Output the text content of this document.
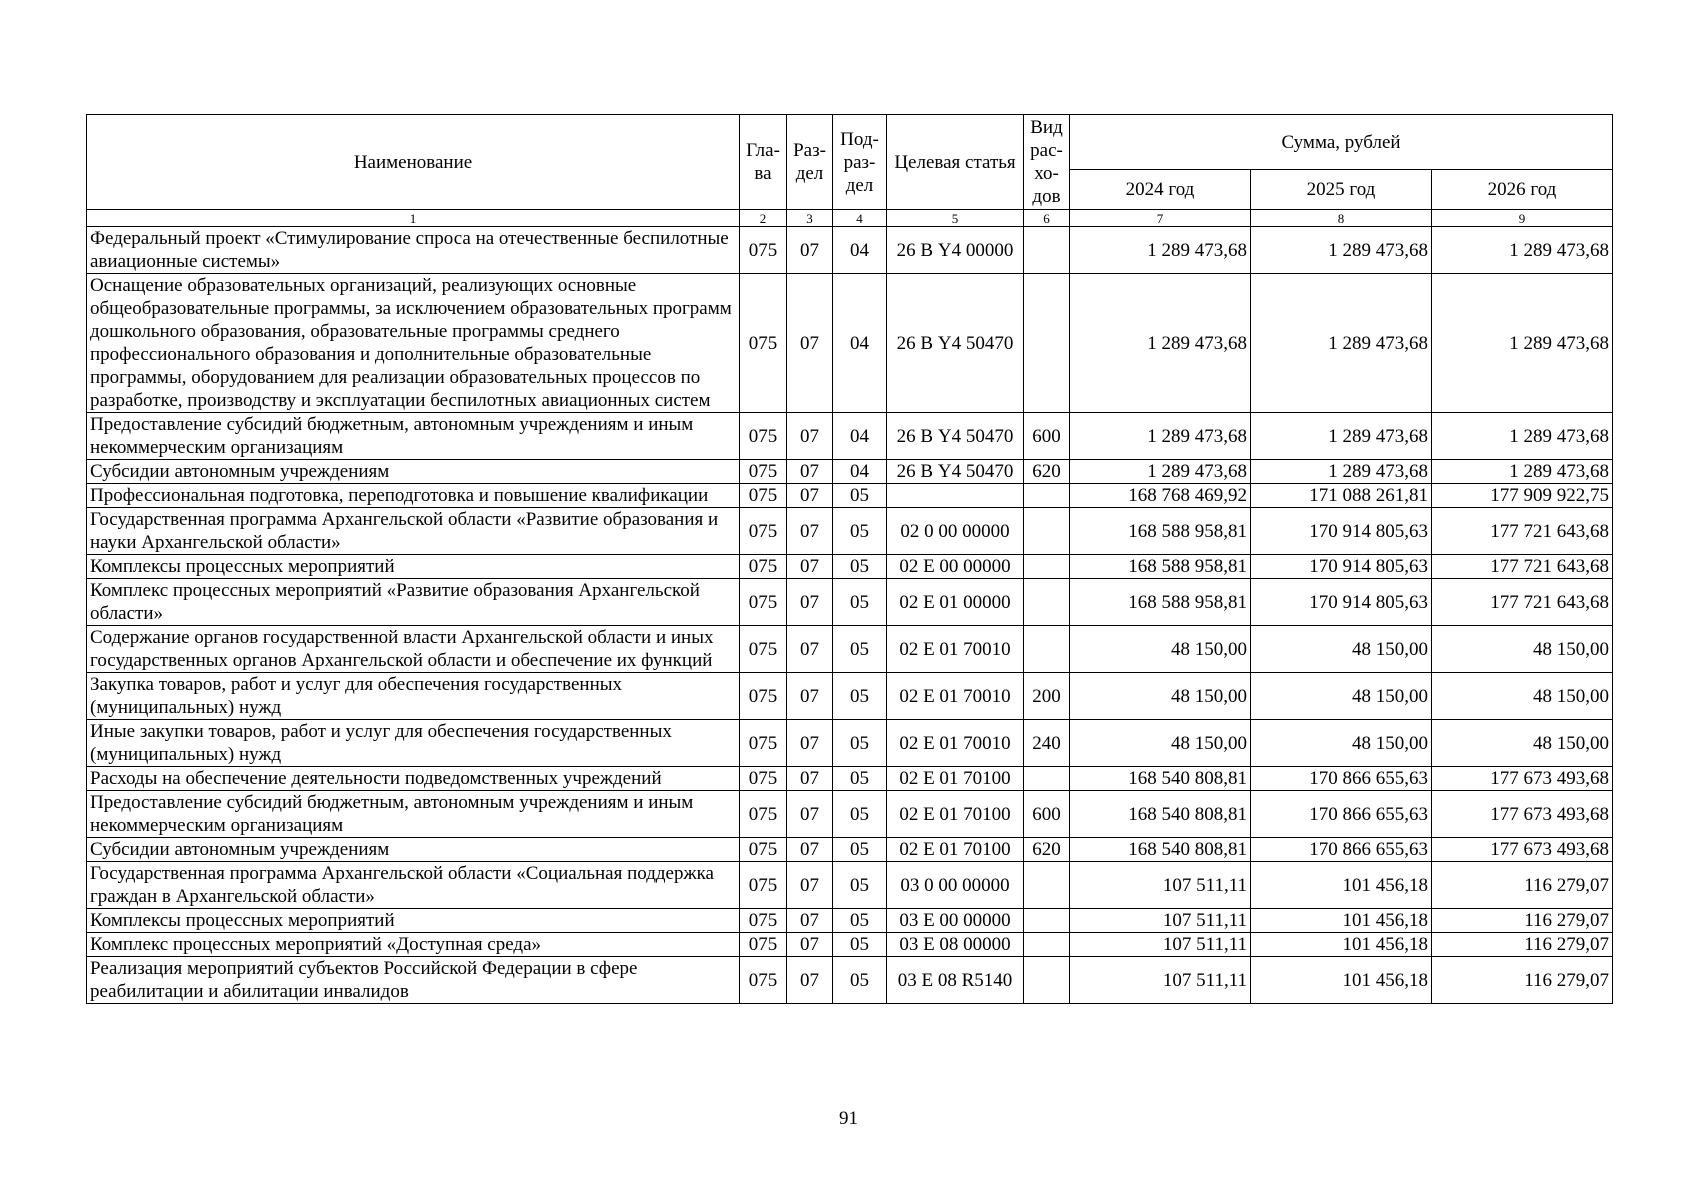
Наименование	Гла-ва	Раз-дел	Под-раз-дел	Целевая статья	Вид рас-хо-дов	Сумма, рублей		
						2024 год	2025 год	2026 год
1	2	3	4	5	6	7	8	9
Федеральный проект «Стимулирование спроса на отечественные беспилотные авиационные системы»	075	07	04	26 В Y4 00000		1 289 473,68	1 289 473,68	1 289 473,68
Оснащение образовательных организаций, реализующих основные общеобразовательные программы, за исключением образовательных программ дошкольного образования, образовательные программы среднего профессионального образования и дополнительные образовательные программы, оборудованием для реализации образовательных процессов по разработке, производству и эксплуатации беспилотных авиационных систем	075	07	04	26 В Y4 50470		1 289 473,68	1 289 473,68	1 289 473,68
Предоставление субсидий бюджетным, автономным учреждениям и иным некоммерческим организациям	075	07	04	26 В Y4 50470	600	1 289 473,68	1 289 473,68	1 289 473,68
Субсидии автономным учреждениям	075	07	04	26 В Y4 50470	620	1 289 473,68	1 289 473,68	1 289 473,68
Профессиональная подготовка, переподготовка и повышение квалификации	075	07	05			168 768 469,92	171 088 261,81	177 909 922,75
Государственная программа Архангельской области «Развитие образования и науки Архангельской области»	075	07	05	02 0 00 00000		168 588 958,81	170 914 805,63	177 721 643,68
Комплексы процессных мероприятий	075	07	05	02 Е 00 00000		168 588 958,81	170 914 805,63	177 721 643,68
Комплекс процессных мероприятий «Развитие образования Архангельской области»	075	07	05	02 Е 01 00000		168 588 958,81	170 914 805,63	177 721 643,68
Содержание органов государственной власти Архангельской области и иных государственных органов Архангельской области и обеспечение их функций	075	07	05	02 Е 01 70010		48 150,00	48 150,00	48 150,00
Закупка товаров, работ и услуг для обеспечения государственных (муниципальных) нужд	075	07	05	02 Е 01 70010	200	48 150,00	48 150,00	48 150,00
Иные закупки товаров, работ и услуг для обеспечения государственных (муниципальных) нужд	075	07	05	02 Е 01 70010	240	48 150,00	48 150,00	48 150,00
Расходы на обеспечение деятельности подведомственных учреждений	075	07	05	02 Е 01 70100		168 540 808,81	170 866 655,63	177 673 493,68
Предоставление субсидий бюджетным, автономным учреждениям и иным некоммерческим организациям	075	07	05	02 Е 01 70100	600	168 540 808,81	170 866 655,63	177 673 493,68
Субсидии автономным учреждениям	075	07	05	02 Е 01 70100	620	168 540 808,81	170 866 655,63	177 673 493,68
Государственная программа Архангельской области «Социальная поддержка граждан в Архангельской области»	075	07	05	03 0 00 00000		107 511,11	101 456,18	116 279,07
Комплексы процессных мероприятий	075	07	05	03 Е 00 00000		107 511,11	101 456,18	116 279,07
Комплекс процессных мероприятий «Доступная среда»	075	07	05	03 Е 08 00000		107 511,11	101 456,18	116 279,07
Реализация мероприятий субъектов Российской Федерации в сфере реабилитации и абилитации инвалидов	075	07	05	03 Е 08 R5140		107 511,11	101 456,18	116 279,07
91
